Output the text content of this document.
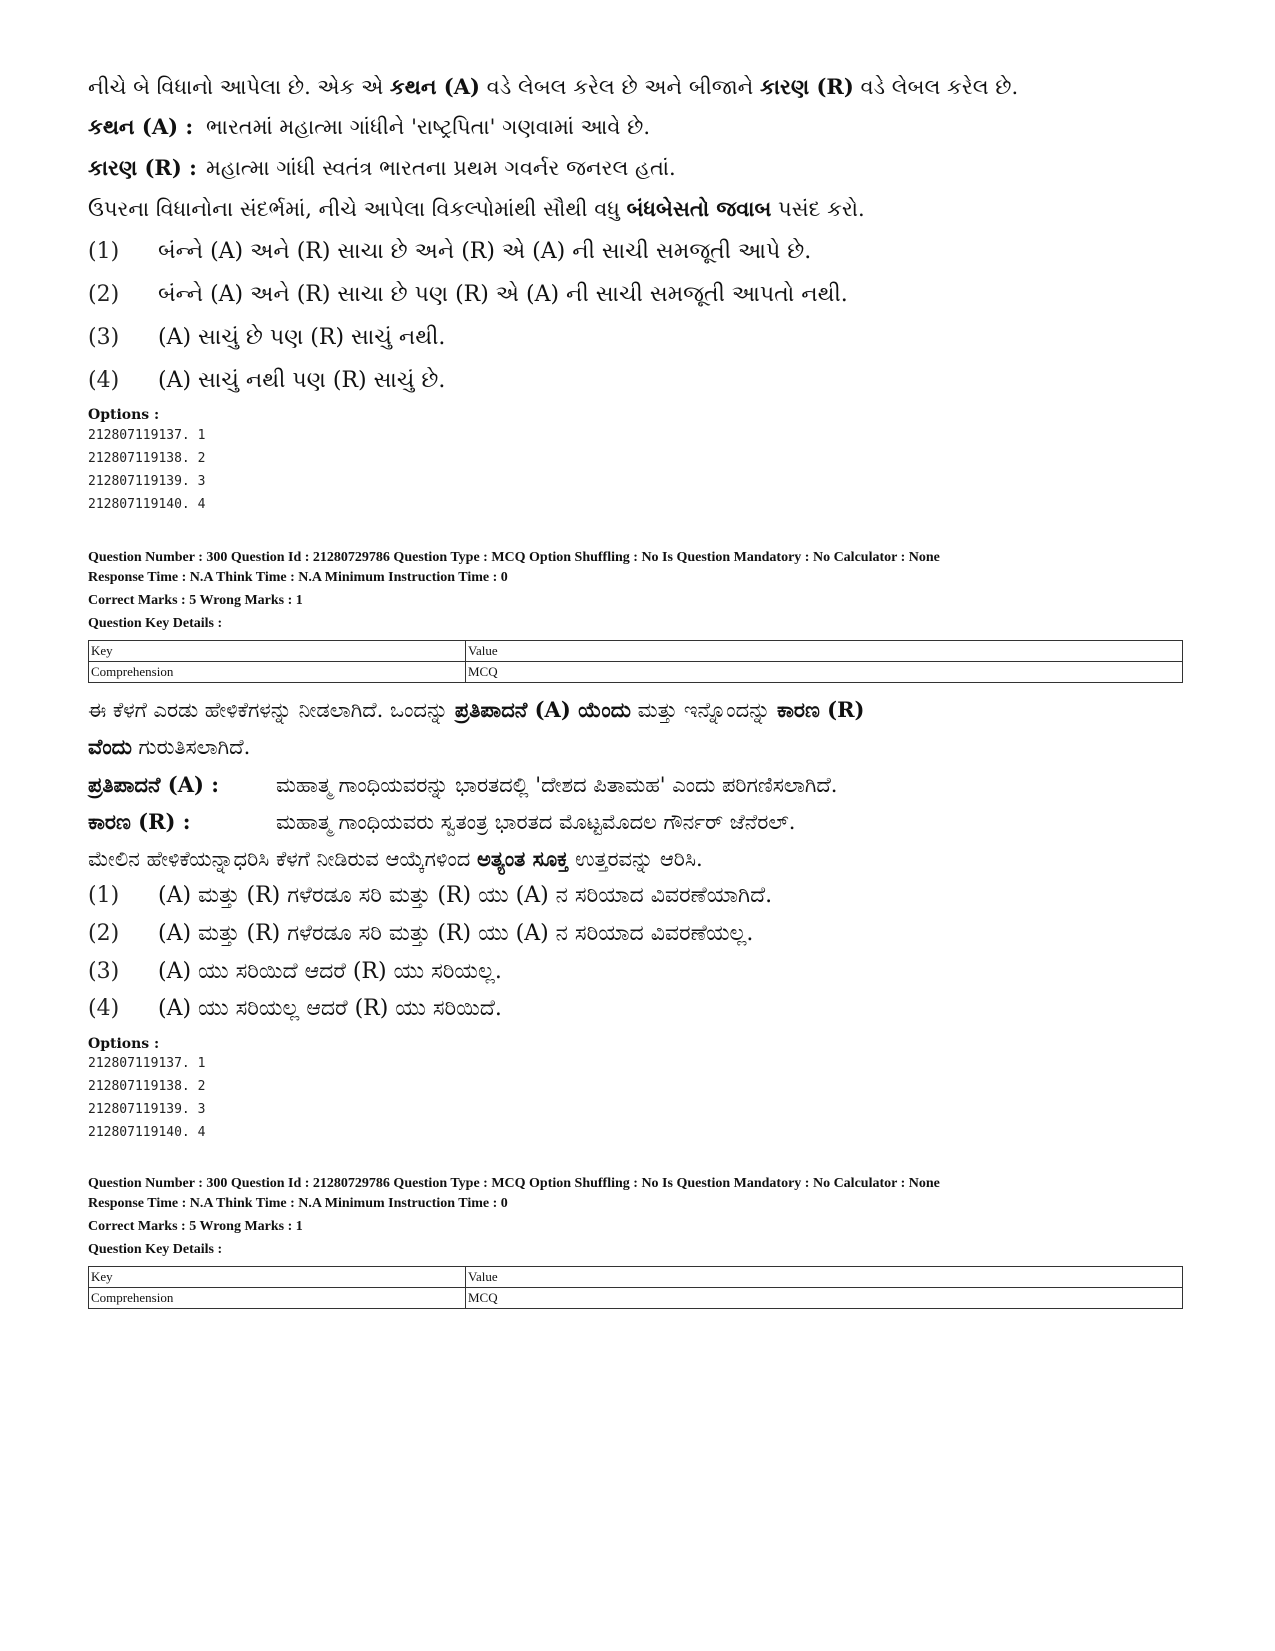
નીચે બે વિધાનો આપેલા છે. એક એ કથન (A) વડે લેબલ કરેલ છે અને બીજાને કારણ (R) વડે લેબલ કરેલ છે.
કથન (A) : ભારતમાં મહાત્મા ગાંધીને 'રાષ્ટ્રપિતા' ગણવામાં આવે છે.
કારણ (R) : મહાત્મા ગાંધી સ્વતંત્ર ભારતના પ્રથમ ગવર્નર જનરલ હતાં.
ઉપરના વિધાનોના સંદર્ભમાં, નીચે આપેલા વિકલ્પોમાંથી સૌથી વધુ બંધબેસતો જવાબ પસંદ કરો.
(1) બંન્ને (A) અને (R) સાચા છે અને (R) એ (A) ની સાચી સમજૂતી આપે છે.
(2) બંન્ને (A) અને (R) સાચા છે પણ (R) એ (A) ની સાચી સમજૂતી આપતો નથી.
(3) (A) સાચું છે પણ (R) સાચું નથી.
(4) (A) સાચું નથી પણ (R) સાચું છે.
Options :
212807119137. 1
212807119138. 2
212807119139. 3
212807119140. 4
Question Number : 300 Question Id : 21280729786 Question Type : MCQ Option Shuffling : No Is Question Mandatory : No Calculator : None
Response Time : N.A Think Time : N.A Minimum Instruction Time : 0
Correct Marks : 5 Wrong Marks : 1
Question Key Details :
Key	Value
Comprehension	MCQ
ಈ ಕೆಳಗೆ ಎರಡು ಹೇಳಿಕೆಗಳನ್ನು ನೀಡಲಾಗಿದೆ. ಒಂದನ್ನು ಪ್ರತಿಪಾದನೆ (A) ಯೆಂದು ಮತ್ತು ಇನ್ನೊಂದನ್ನು ಕಾರಣ (R)
ವೆಂದು ಗುರುತಿಸಲಾಗಿದೆ.
ಪ್ರತಿಪಾದನೆ (A) :	ಮಹಾತ್ಮ ಗಾಂಧಿಯವರನ್ನು ಭಾರತದಲ್ಲಿ 'ದೇಶದ ಪಿತಾಮಹ' ಎಂದು ಪರಿಗಣಿಸಲಾಗಿದೆ.
ಕಾರಣ (R) :	ಮಹಾತ್ಮ ಗಾಂಧಿಯವರು ಸ್ವತಂತ್ರ ಭಾರತದ ಮೊಟ್ಟಮೊದಲ ಗೌರ್ನರ್ ಜೆನೆರಲ್.
ಮೇಲಿನ ಹೇಳಿಕೆಯನ್ನಾಧರಿಸಿ ಕೆಳಗೆ ನೀಡಿರುವ ಆಯ್ಕೆಗಳಿಂದ ಅತ್ಯಂತ ಸೂಕ್ತ ಉತ್ತರವನ್ನು ಆರಿಸಿ.
(1) (A) ಮತ್ತು (R) ಗಳೆರಡೂ ಸರಿ ಮತ್ತು (R) ಯು (A) ನ ಸರಿಯಾದ ವಿವರಣೆಯಾಗಿದೆ.
(2) (A) ಮತ್ತು (R) ಗಳೆರಡೂ ಸರಿ ಮತ್ತು (R) ಯು (A) ನ ಸರಿಯಾದ ವಿವರಣೆಯಲ್ಲ.
(3) (A) ಯು ಸರಿಯಿದೆ ಆದರೆ (R) ಯು ಸರಿಯಲ್ಲ.
(4) (A) ಯು ಸರಿಯಲ್ಲ ಆದರೆ (R) ಯು ಸರಿಯಿದೆ.
Options :
212807119137. 1
212807119138. 2
212807119139. 3
212807119140. 4
Question Number : 300 Question Id : 21280729786 Question Type : MCQ Option Shuffling : No Is Question Mandatory : No Calculator : None
Response Time : N.A Think Time : N.A Minimum Instruction Time : 0
Correct Marks : 5 Wrong Marks : 1
Question Key Details :
Key	Value
Comprehension	MCQ
